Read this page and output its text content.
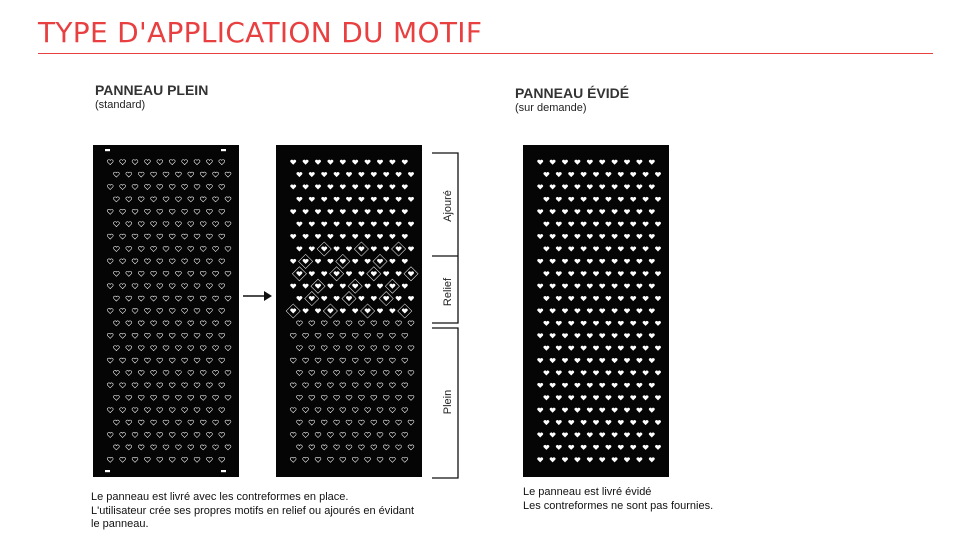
TYPE D'APPLICATION DU MOTIF
PANNEAU PLEIN
(standard)
Ajouré
Relief
Plein
Le panneau est livré avec les contreformes en place.
L'utilisateur crée ses propres motifs en relief ou ajourés en évidant
le panneau.
PANNEAU ÉVIDÉ
(sur demande)
Le panneau est livré évidé
Les contreformes ne sont pas fournies.
